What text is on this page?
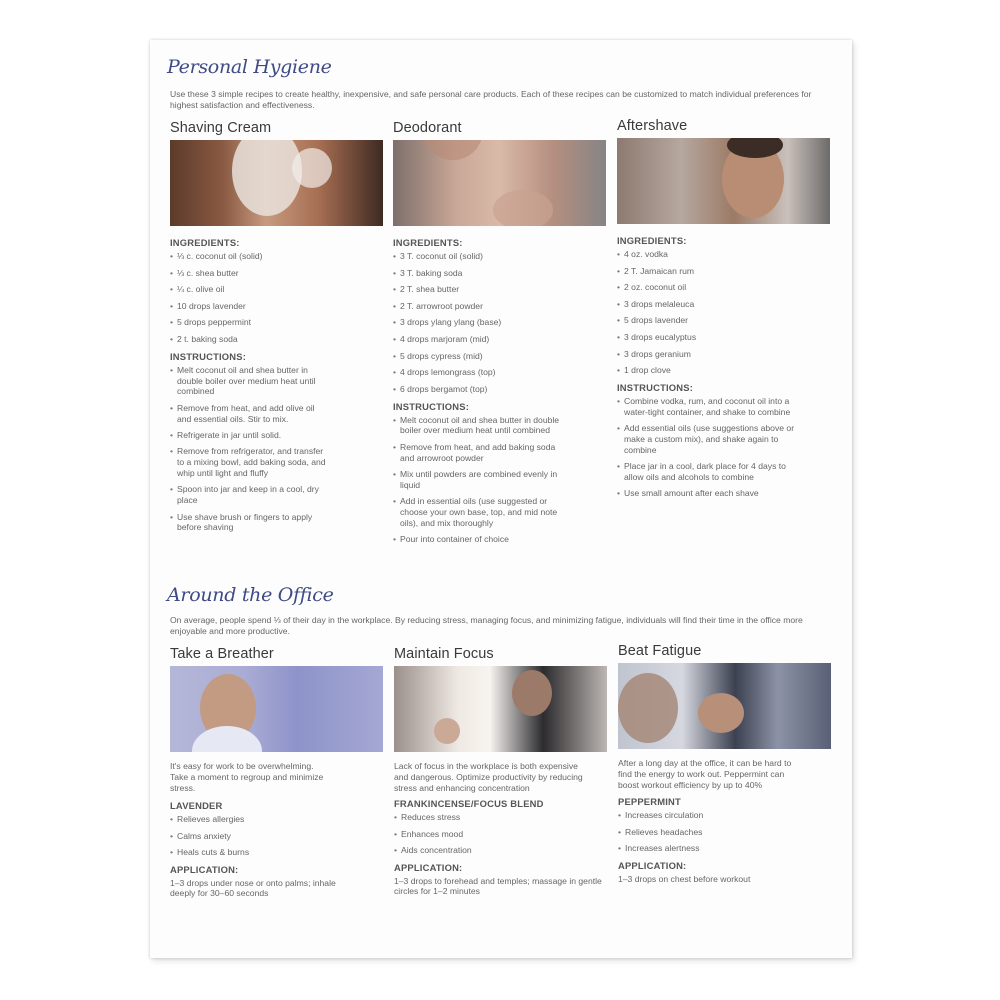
Personal Hygiene

Use these 3 simple recipes to create healthy, inexpensive, and safe personal care products. Each of these recipes can be customized to match individual preferences for highest satisfaction and effectiveness.

Shaving Cream
INGREDIENTS:
• ⅓ c. coconut oil (solid)
• ⅓ c. shea butter
• ¼ c. olive oil
• 10 drops lavender
• 5 drops peppermint
• 2 t. baking soda
INSTRUCTIONS:
• Melt coconut oil and shea butter in double boiler over medium heat until combined
• Remove from heat, and add olive oil and essential oils. Stir to mix.
• Refrigerate in jar until solid.
• Remove from refrigerator, and transfer to a mixing bowl, add baking soda, and whip until light and fluffy
• Spoon into jar and keep in a cool, dry place
• Use shave brush or fingers to apply before shaving
Deodorant
INGREDIENTS:
• 3 T. coconut oil (solid)
• 3 T. baking soda
• 2 T. shea butter
• 2 T. arrowroot powder
• 3 drops ylang ylang (base)
• 4 drops marjoram (mid)
• 5 drops cypress (mid)
• 4 drops lemongrass (top)
• 6 drops bergamot (top)
INSTRUCTIONS:
• Melt coconut oil and shea butter in double boiler over medium heat until combined
• Remove from heat, and add baking soda and arrowroot powder
• Mix until powders are combined evenly in liquid
• Add in essential oils (use suggested or choose your own base, top, and mid note oils), and mix thoroughly
• Pour into container of choice
Aftershave
INGREDIENTS:
• 4 oz. vodka
• 2 T. Jamaican rum
• 2 oz. coconut oil
• 3 drops melaleuca
• 5 drops lavender
• 3 drops eucalyptus
• 3 drops geranium
• 1 drop clove
INSTRUCTIONS:
• Combine vodka, rum, and coconut oil into a water-tight container, and shake to combine
• Add essential oils (use suggestions above or make a custom mix), and shake again to combine
• Place jar in a cool, dark place for 4 days to allow oils and alcohols to combine
• Use small amount after each shave
Around the Office

On average, people spend ⅓ of their day in the workplace. By reducing stress, managing focus, and minimizing fatigue, individuals will find their time in the office more enjoyable and more productive.

Take a Breather

It's easy for work to be overwhelming. Take a moment to regroup and minimize stress.

LAVENDER
• Relieves allergies
• Calms anxiety
• Heals cuts & burns
APPLICATION:

1–3 drops under nose or onto palms; inhale deeply for 30–60 seconds

Maintain Focus

Lack of focus in the workplace is both expensive and dangerous. Optimize productivity by reducing stress and enhancing concentration

FRANKINCENSE/FOCUS BLEND
• Reduces stress
• Enhances mood
• Aids concentration
APPLICATION:

1–3 drops to forehead and temples; massage in gentle circles for 1–2 minutes

Beat Fatigue

After a long day at the office, it can be hard to find the energy to work out. Peppermint can boost workout efficiency by up to 40%

PEPPERMINT
• Increases circulation
• Relieves headaches
• Increases alertness
APPLICATION:

1–3 drops on chest before workout
